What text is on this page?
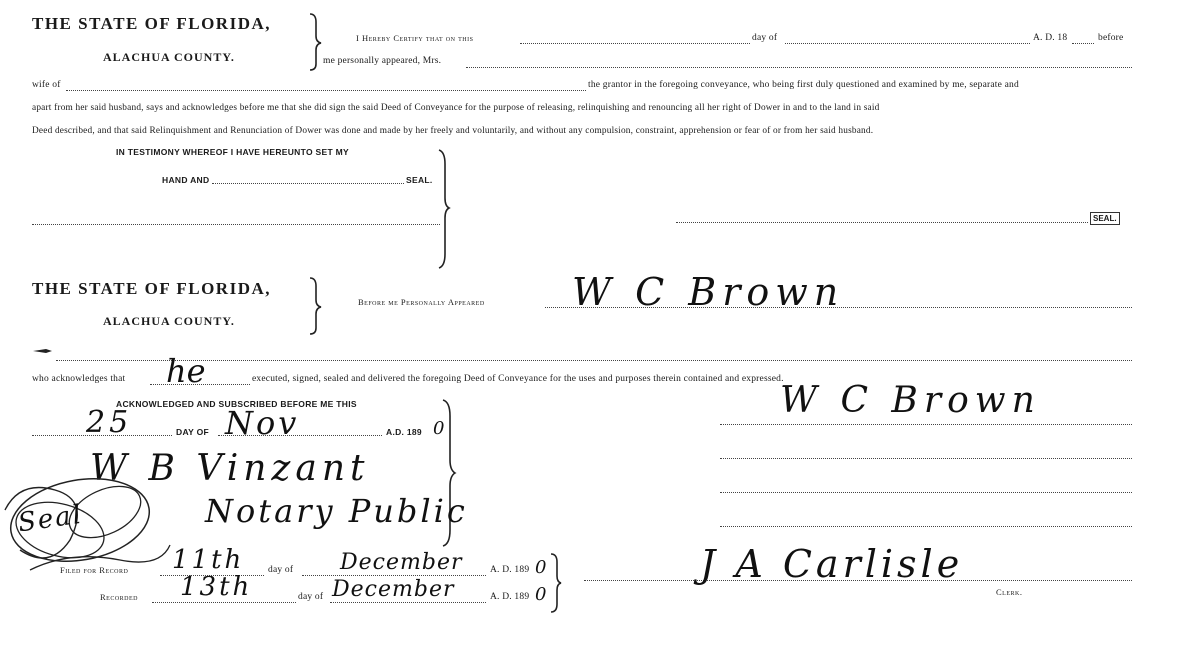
THE STATE OF FLORIDA,
ALACHUA COUNTY.
I Hereby Certify that on this	day of	A. D. 18	before
me personally appeared, Mrs.
wife of	the grantor in the foregoing conveyance, who being first duly questioned and examined by me, separate and
apart from her said husband, says and acknowledges before me that she did sign the said Deed of Conveyance for the purpose of releasing, relinquishing and renouncing all her right of Dower in and to the land in said
Deed described, and that said Relinquishment and Renunciation of Dower was done and made by her freely and voluntarily, and without any compulsion, constraint, apprehension or fear of or from her said husband.
IN TESTIMONY WHEREOF I HAVE HEREUNTO SET MY
HAND AND	SEAL.
SEAL.
THE STATE OF FLORIDA,
ALACHUA COUNTY.
Before me Personally Appeared W C Brown
who acknowledges that he	executed, signed, sealed and delivered the foregoing Deed of Conveyance for the uses and purposes therein contained and expressed.
ACKNOWLEDGED AND SUBSCRIBED BEFORE ME THIS
25	DAY OF Nov	A.D. 189 0
W B Vinzant
Notary Public
W C Brown
Seal
Filed for Record 11th day of December	A. D. 189 0
Recorded 13th	day of December	A. D. 189 0
J A Carlisle
Clerk.
